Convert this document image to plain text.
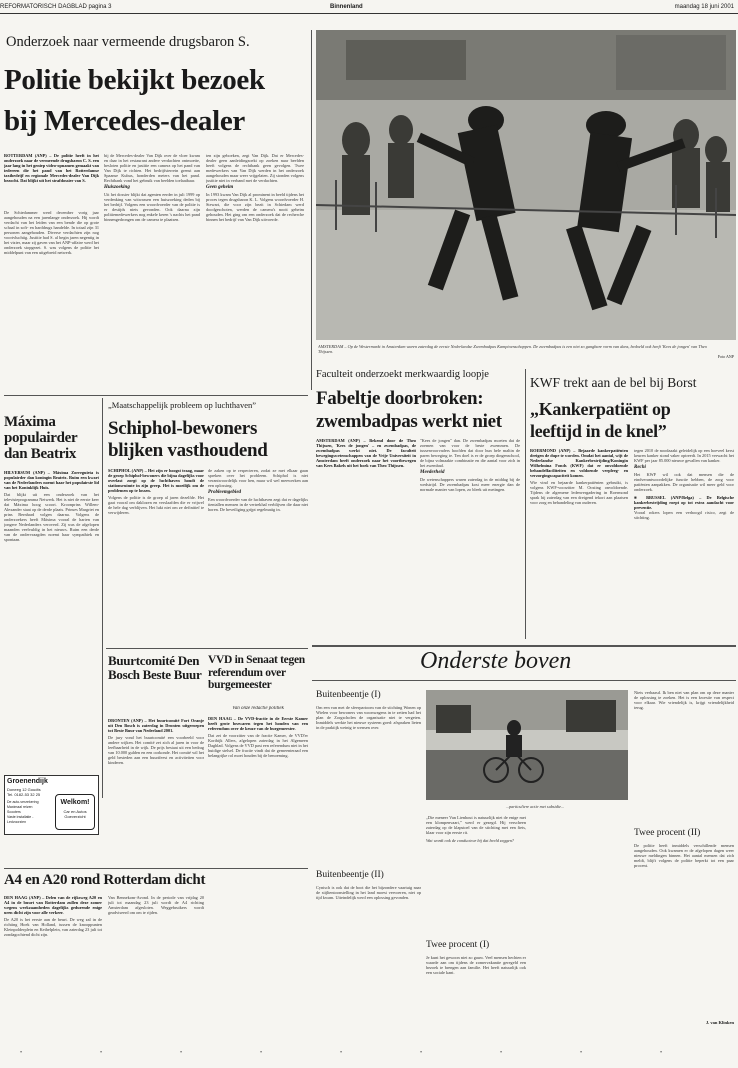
REFORMATORISCH DAGBLAD pagina 3	Binnenland	maandag 18 juni 2001
Onderzoek naar vermeende drugsbaron S.
Politie bekijkt bezoek
bij Mercedes-dealer
ROTTERDAM (ANP) – De politie heeft in het onderzoek naar de vermeende drugsbaron C. S. een jaar lang in het geniep video-opnamen gemaakt van iedereen die het pand van het Rotterdamse taxibedrijf en regionale Mercedes-dealer Van Dijk bezocht. Dat blijkt uit het strafdossier van S.
De Schiedammer werd december vorig jaar aangehouden na een jarenlange onderzoek. Hij wordt verdacht van het leiden van een bende die op grote schaal in soft- en harddrugs handelde. In totaal zijn 31 personen aangehouden. Diverse verdachten zijn nog voortvluchtig. Justitie had S. al begin jaren negentig in het vizier, maar zij gaven van het ANP-affaire werd het onderzoek stopgezet. S. was volgens de politie het middelpunt van een uitgebreid netwerk.
bij de Mercedes-dealer Van Dijk over de vloer kwam en daar in het restaurant andere verdachten ontmoette, besloten politie en justitie een camera op het pand van Van Dijk te richten. Het bedrijfsterrein grenst aan Spaanse Kubus, honderden meters van het pand. Rechtbank vond het gebruik van beelden toelaatbaar.
Huiszoeking
Uit het dossier blijkt dat agenten eerder in juli 1999 op verdenking van witwassen een huiszoeking deden bij het bedrijf. Volgens een woordvoerder van de politie is er destijds niets gevonden. Ook daarna zijn politiemedewerkers nog enkele keren 's nachts het pand binnengedrongen om de camera te plaatsen.
ten zijn geboeken, zegt Van Dijk. Dat er Mercedes-dealer geen aanleidingzoekt op zoeken naar beelden heeft volgens de rechtbank geen gevolgen. Twee medewerkers van Van Dijk werden in het onderzoek aangehouden maar weer vrijgelaten. Zij stonden volgens justitie niet in verband met de verdachten.
Geen geheim
In 1993 kwam Van Dijk al prominent in beeld tijdens het proces tegen drugsbaron K. L. Volgens woordvoerder H. Stewart, die voor zijn bezit in Schiedam werd doodgeschoten, werden de camera's nooit geheim gehouden. Het ging om een onderzoek dat de recherche binnen het bedrijf van Van Dijk uitvoerde.
AMSTERDAM – Op de Westermarkt in Amsterdam waren zaterdag de eerste Nederlandse Zwembadpas Kampioenschappen. De zwembadpas is een niet zo gangbare vorm van dans, bedoeld ook heeft 'Kees de jongen' van Theo Thijssen.
Foto ANP
Faculteit onderzoekt merkwaardig loopje
Fabeltje doorbroken:
zwembadpas werkt niet
AMSTERDAM (ANP) – Bekend door de Theo Thijssen, 'Kees de jongen' – en zwembadpas, de zwembadpas werkt niet. De faculteit bewegingswetenschappen van de Vrije Universiteit in Amsterdam heeft onderzoek naar het voortbewegen van Kees Bakels uit het boek van Theo Thijssen.
"Kees de jongen" dan. De zwembadpas moeten dat de zoemen van voor de beste zwemmen. De tussenvoorvaders hoofden dat door hun hele maltin de paren beweging te. Ten doel is er de groep dingenschool, de bijna volmaakte combinatie en die aantal voor zich in het zwembad.
Meederheid
De wetenschappers waren zaterdag in de middag bij de wedstrijd. De zwembadpas kost meer energie dan de normale manier van lopen, zo bleek uit metingen.
KWF trekt aan de bel bij Borst
„Kankerpatiënt op
leeftijd in de knel”
ROERMOND (ANP) – Bejaarde kankerpatiënten dreigen de dupe te worden. Omdat het aantal, wijt de Nederlandse Kankerbestrijding/Koningin Wilhelmina Fonds (KWF) dat er onvoldoende behandelfaciliteiten en voldoende verpleeg- en verzorgingscapaciteit komen.
Wie vind en bejaarde kankerpatiënten gebruikt, is volgens KWF-voorzitter M. Oosting onvoldoende. Tijdens de algemene ledenvergadering in Roermond sprak hij zaterdag van een dreigend tekort aan plaatsen voor zorg en behandeling van ouderen.
tegen 2010 de noodzaakt geleidelijk op een hoeveel kerst keuren kanker stond vaker optreedt. In 2015 verwacht het KWF per jaar 85.000 nieuwe gevallen van kanker.
Rechi
Het KWF wil ook dat mensen die de eindverantwoordelijke functie hebben, de zorg voor patiënten aanpakken. De organisatie wil meer geld voor onderzoek.
■ BRUSSEL (ANP/Belga) – De Belgische kankerbestrijding roept op tot extra aandacht voor preventie.
Vooral rokers lopen een verhoogd risico, zegt de stichting.
Máxima populairder dan Beatrix
HILVERSUM (ANP) – Máxima Zorreguieta is populairder dan koningin Beatrix. Ruim een kwart van de Nederlanders noemt haar het populairste lid van het Koninklijk Huis.
Dat blijkt uit een onderzoek van het televisieprogramma Netwerk. Het is niet de eerste keer dat Máxima hoog scoort. Kroonprins Willem-Alexander staat op de derde plaats. Prinses Margriet en prins Bernhard volgen daarna. Volgens de onderzoekers heeft Máxima vooral de harten van jongere Nederlanders veroverd. Zij was de afgelopen maanden veelvuldig in het nieuws. Ruim een derde van de ondervraagden noemt haar sympathiek en spontaan.
„Maatschappelijk probleem op luchthaven”
Schiphol-bewoners
blijken vasthoudend
SCHIPHOL (ANP) – Het zijn er hoogst traag, maar de groep Schiphol-bewoners die bijna dagelijks voor overlast zorgt op de luchthaven houdt de stationsruimte in zijn greep. Het is moeilijk om de problemen op te lossen.
Volgens de politie is de groep al jaren dezelfde. Het gaat vooral om daklozen en verslaafden die er vrijwel de hele dag verblijven. Het lukt niet om ze definitief te verwijderen.
de zaken op te respecteren, zodat ze met elkaar gaan spreken over het probleem. Schiphol is niet verantwoordelijk voor hen, maar wil wel meewerken aan een oplossing.
Probleemgebied
Een woordvoerder van de luchthaven zegt dat er dagelijks tientallen mensen in de vertrekhal verblijven die daar niet horen. De beveiliging grijpt regelmatig in.
Buurtcomité Den Bosch Beste Buur
DRONTEN (ANP) – Het buurtcomité Fort Oranje uit Den Bosch is zaterdag in Dronten uitgeroepen tot Beste Buur van Nederland 2001.
De jury vond het buurtcomité een voorbeeld voor andere wijken. Het comité zet zich al jaren in voor de leefbaarheid in de wijk. De prijs bestaat uit een bedrag van 10.000 gulden en een oorkonde. Het comité wil het geld besteden aan een buurtfeest en activiteiten voor kinderen.
VVD in Senaat tegen referendum over burgemeester
Van onze redactie politiek
DEN HAAG – De VVD-fractie in de Eerste Kamer heeft grote bezwaren tegen het houden van een referendum over de keuze van de burgemeester.
Dat zei de voorzitter van de fractie Kamer, de VVD'er Kortbijk Allers, afgelopen zaterdag in het Algemeen Dagblad. Volgens de VVD past een referendum niet in het huidige stelsel. De fractie vindt dat de gemeenteraad een belangrijke rol moet houden bij de benoeming.
Groenendijk
Doneeg 12 Goudts
Tel. 0182-53 32 25
De auto-verzekering
Maximaal reizen
Scooters
Vaste installatie - Ledvoorzien
Welkom!
Car en Autos Goeverzicht
A4 en A20 rond Rotterdam dicht
DEN HAAG (ANP) – Delen van de rijksweg A20 en A4 in de buurt van Rotterdam zullen deze zomer wegens werkzaamheden dagelijks gedurende enige uren dicht zijn voor alle verkeer.
De A20 is het eerste aan de beurt. De weg zal in de richting Hoek van Holland, tussen de knooppunten Kleinpolderplein en Kethelplein, van zaterdag 23 juli tot zondagochtend dicht zijn.
Van Bennekom-Avond. In de periode van vrijdag 20 juli tot maandag 23 juli wordt de A4 richting Amsterdam afgesloten. Weggebruikers wordt geadviseerd om om te rijden.
Onderste boven
Buitenbeentje (I)
Om een van met de sfeerpartoom van de stichting Wonen op Wielen voor bewoners van woonwagens in te zetten had het plan de Zorgscholen de organisatie niet te vergeten. Inmiddels werkte het nieuwe systeem goed: afspraken lieten in de praktijk weinig te wensen over.
Buitenbeentje (II)
Cynisch is ook dat de boot die het bijzondere vaartuig naar de stijltentoonstelling in het land moest vervoeren, niet op tijd kwam. Uiteindelijk werd een oplossing gevonden.
...particuliere actie met subsidie...
„Die meneer Van Lienhout is natuurlijk niet de enige met een klompenvaart,” werd er gezegd. Hij verscheen zaterdag op de klapstoel van de stichting met een fiets, klaar voor zijn eerste rit.
Wat wordt ook de conducteur bij dat beeld zeggen?
Twee procent (I)
Je kunt het gewoon niet zo gauw. Veel mensen hechten er waarde aan om tijdens de zomervakantie geregeld een bezoek te brengen aan familie. Het heeft natuurlijk ook een sociale kant.
Niets verbaasd. Ik ben niet van plan om op deze manier de oplossing te zoeken. Het is een kwestie van respect voor elkaar. Wie vriendelijk is, krijgt vriendelijkheid terug.
Twee procent (II)
De politie heeft inmiddels verschillende mensen aangehouden. Ook kwamen er de afgelopen dagen weer nieuwe meldingen binnen. Het aantal mensen dat zich meldt, blijft volgens de politie beperkt tot een paar procent.
J. van Klinken
•	•	•	•	•	•	•	•	•
